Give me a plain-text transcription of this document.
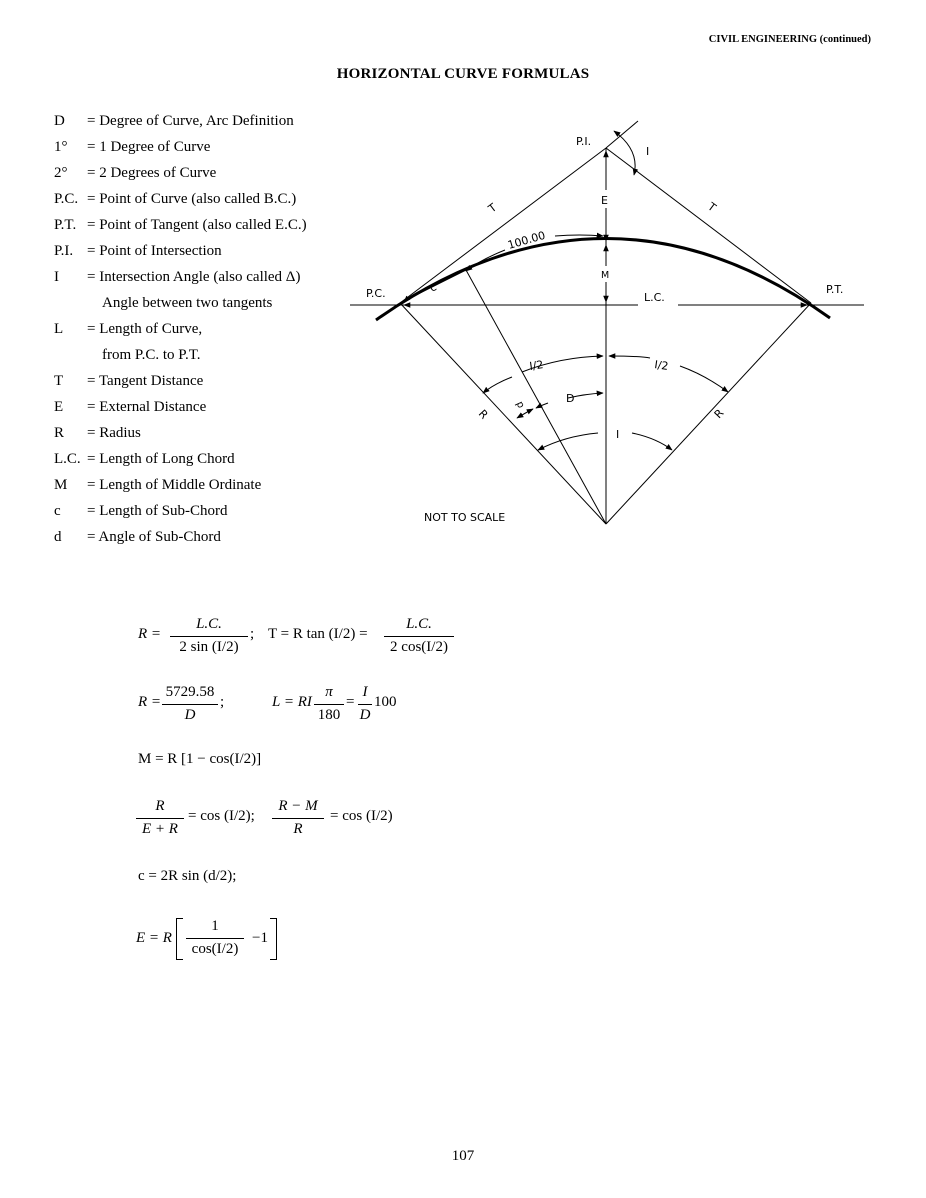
CIVIL ENGINEERING (continued)
HORIZONTAL CURVE FORMULAS
D = Degree of Curve, Arc Definition
1° = 1 Degree of Curve
2° = 2 Degrees of Curve
P.C. = Point of Curve (also called B.C.)
P.T. = Point of Tangent (also called E.C.)
P.I. = Point of Intersection
I = Intersection Angle (also called Δ)
Angle between two tangents
L = Length of Curve,
from P.C. to P.T.
T = Tangent Distance
E = External Distance
R = Radius
L.C. = Length of Long Chord
M = Length of Middle Ordinate
c = Length of Sub-Chord
d = Angle of Sub-Chord
P.I.
P.C.	P.T.
L.C.
100.00
T	T
R	R
E
M
I
I/2	I/2
D
d
c
I
NOT TO SCALE
R =
L.C.
2 sin (I/2)
; T = R tan (I/2) =
L.C.
2 cos(I/2)
R =
5729.58
D
;	L = RI
π
180
=
I
D
100
M = R [1 − cos(I/2)]
R
E + R
= cos (I/2);
R − M
R
= cos (I/2)
c = 2R sin (d/2);
E = R
1
cos(I/2)
−1
107
